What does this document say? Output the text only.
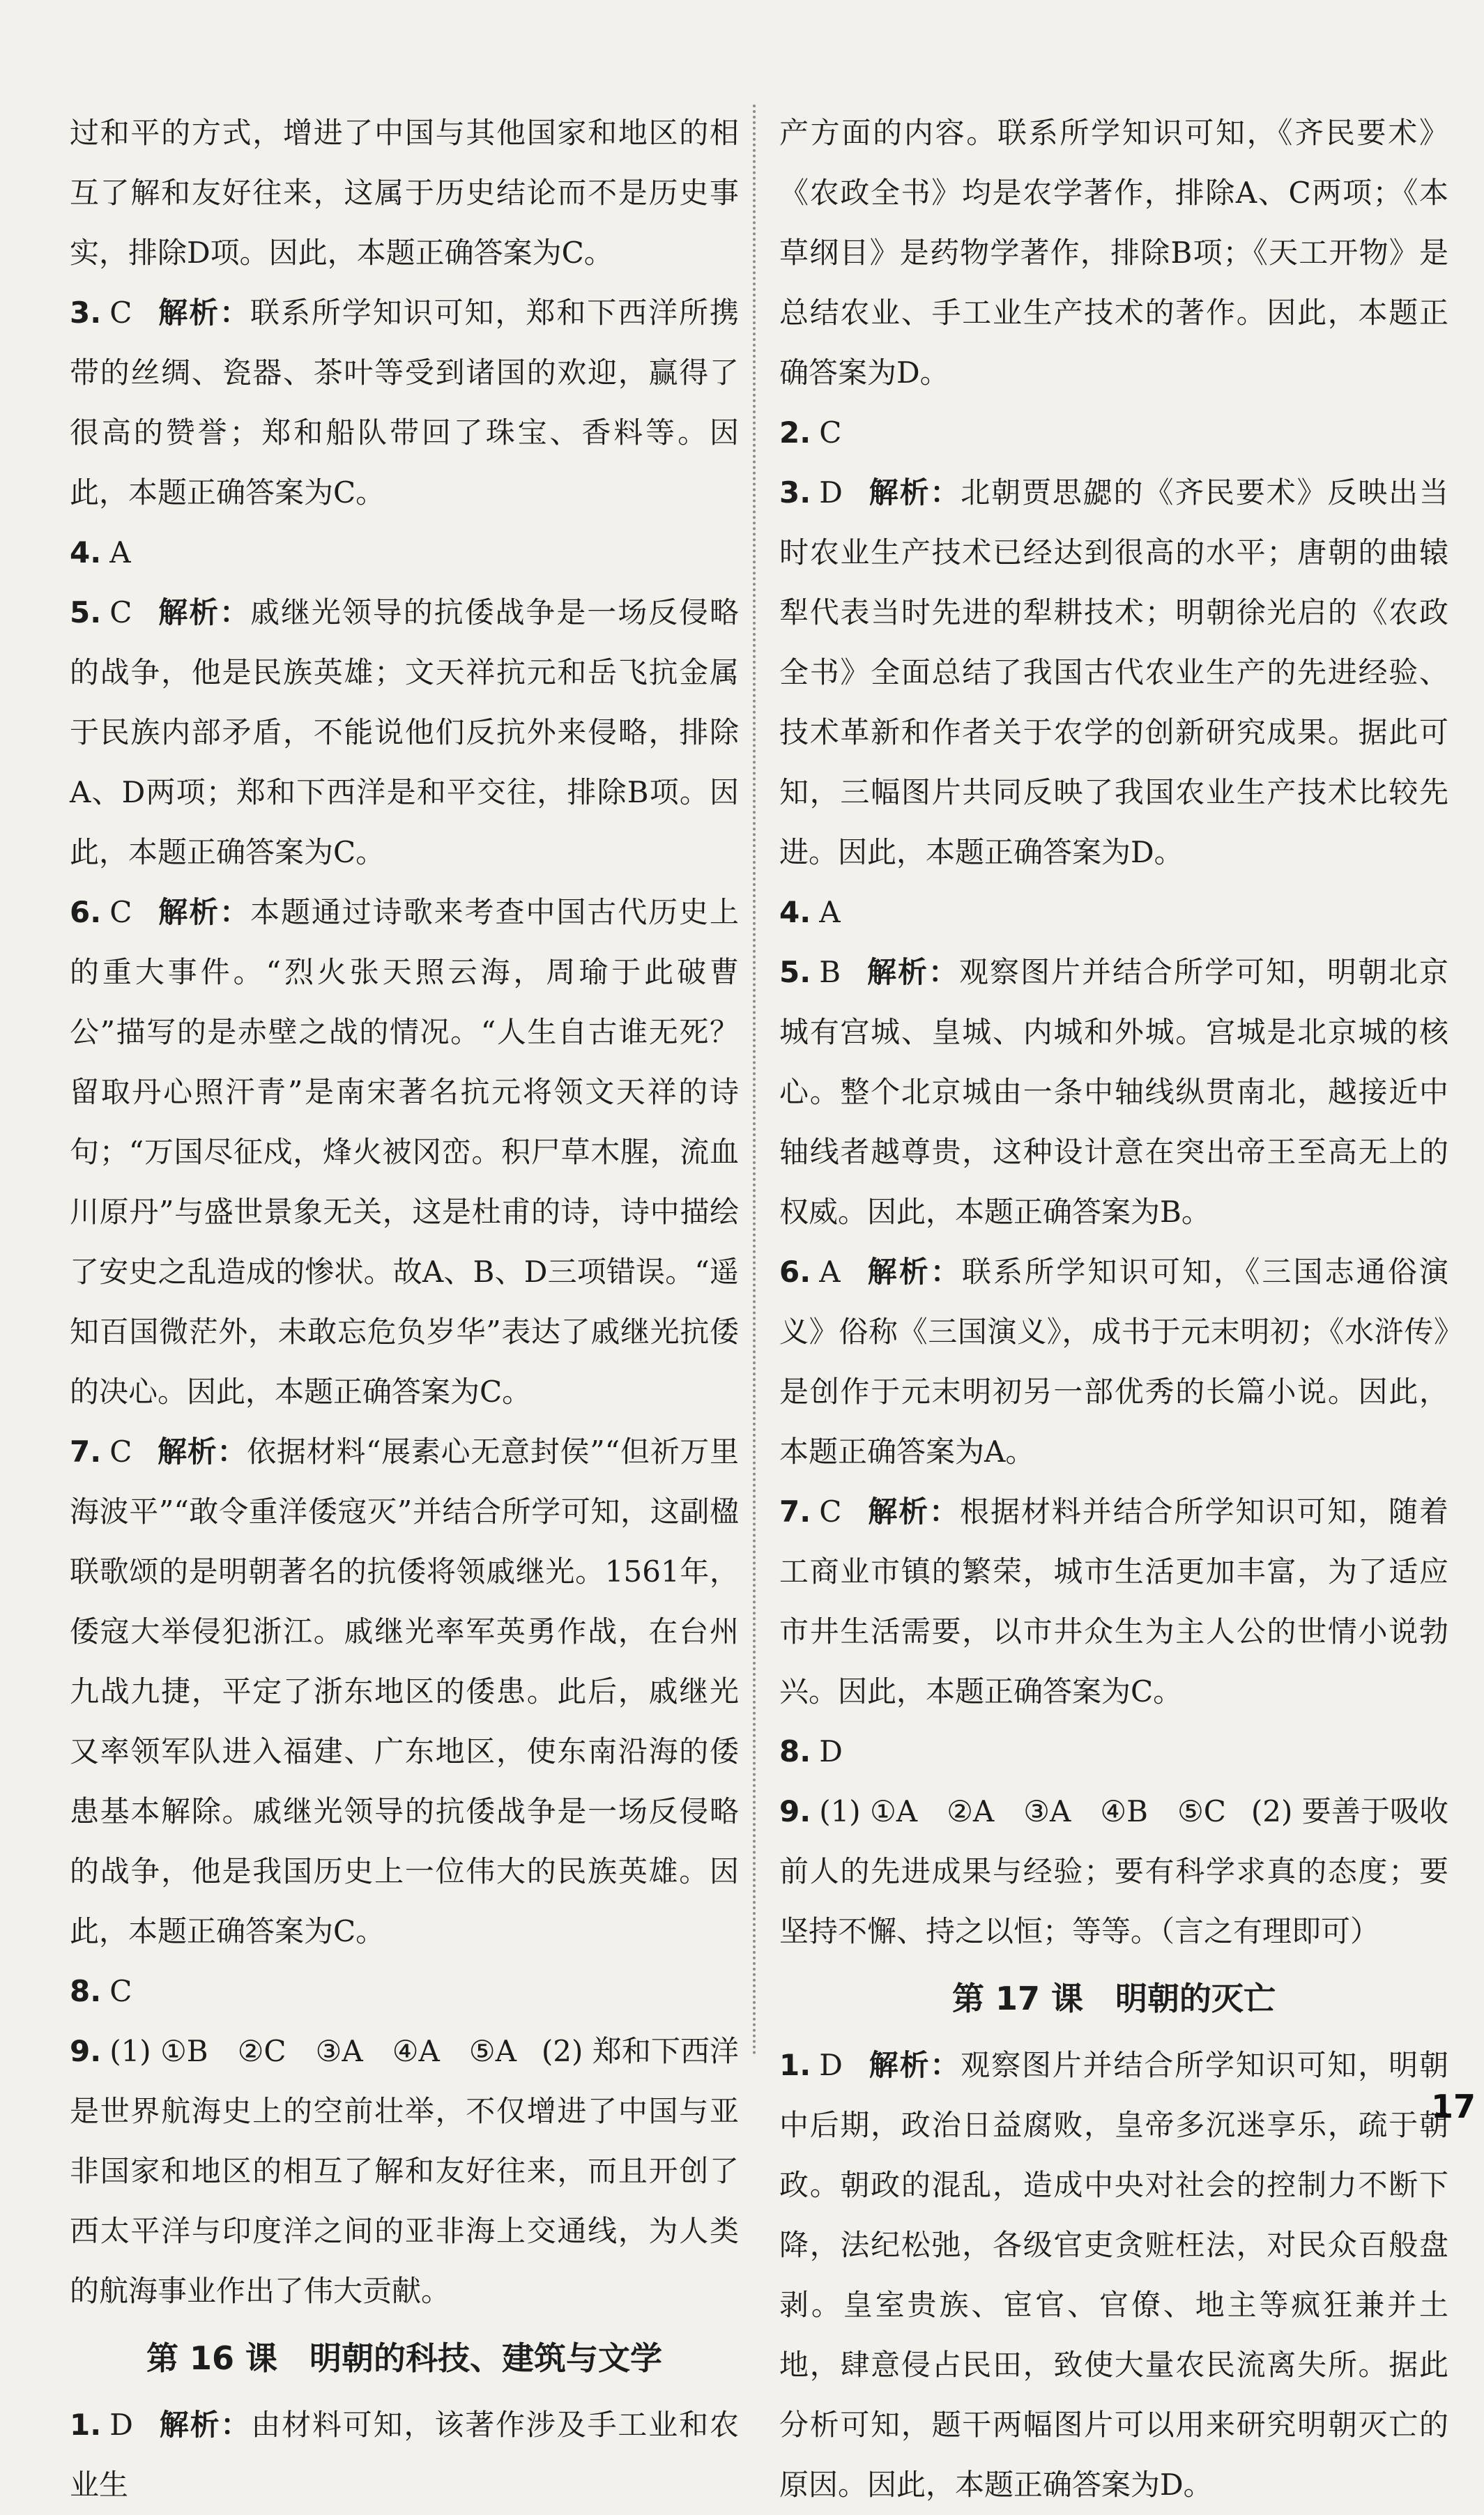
过和平的方式，增进了中国与其他国家和地区的相互了解和友好往来，这属于历史结论而不是历史事实，排除D项。因此，本题正确答案为C。

3. C 解析：联系所学知识可知，郑和下西洋所携带的丝绸、瓷器、茶叶等受到诸国的欢迎，赢得了很高的赞誉；郑和船队带回了珠宝、香料等。因此，本题正确答案为C。

4. A

5. C 解析：戚继光领导的抗倭战争是一场反侵略的战争，他是民族英雄；文天祥抗元和岳飞抗金属于民族内部矛盾，不能说他们反抗外来侵略，排除A、D两项；郑和下西洋是和平交往，排除B项。因此，本题正确答案为C。

6. C 解析：本题通过诗歌来考查中国古代历史上的重大事件。“烈火张天照云海，周瑜于此破曹公”描写的是赤壁之战的情况。“人生自古谁无死？留取丹心照汗青”是南宋著名抗元将领文天祥的诗句；“万国尽征戍，烽火被冈峦。积尸草木腥，流血川原丹”与盛世景象无关，这是杜甫的诗，诗中描绘了安史之乱造成的惨状。故A、B、D三项错误。“遥知百国微茫外，未敢忘危负岁华”表达了戚继光抗倭的决心。因此，本题正确答案为C。

7. C 解析：依据材料“展素心无意封侯”“但祈万里海波平”“敢令重洋倭寇灭”并结合所学可知，这副楹联歌颂的是明朝著名的抗倭将领戚继光。1561年，倭寇大举侵犯浙江。戚继光率军英勇作战，在台州九战九捷，平定了浙东地区的倭患。此后，戚继光又率领军队进入福建、广东地区，使东南沿海的倭患基本解除。戚继光领导的抗倭战争是一场反侵略的战争，他是我国历史上一位伟大的民族英雄。因此，本题正确答案为C。

8. C

9. (1) ①B　②C　③A　④A　⑤A (2) 郑和下西洋是世界航海史上的空前壮举，不仅增进了中国与亚非国家和地区的相互了解和友好往来，而且开创了西太平洋与印度洋之间的亚非海上交通线，为人类的航海事业作出了伟大贡献。

第 16 课　明朝的科技、建筑与文学

1. D 解析：由材料可知，该著作涉及手工业和农业生

产方面的内容。联系所学知识可知，《齐民要术》《农政全书》均是农学著作，排除A、C两项；《本草纲目》是药物学著作，排除B项；《天工开物》是总结农业、手工业生产技术的著作。因此，本题正确答案为D。

2. C

3. D 解析：北朝贾思勰的《齐民要术》反映出当时农业生产技术已经达到很高的水平；唐朝的曲辕犁代表当时先进的犁耕技术；明朝徐光启的《农政全书》全面总结了我国古代农业生产的先进经验、技术革新和作者关于农学的创新研究成果。据此可知，三幅图片共同反映了我国农业生产技术比较先进。因此，本题正确答案为D。

4. A

5. B 解析：观察图片并结合所学可知，明朝北京城有宫城、皇城、内城和外城。宫城是北京城的核心。整个北京城由一条中轴线纵贯南北，越接近中轴线者越尊贵，这种设计意在突出帝王至高无上的权威。因此，本题正确答案为B。

6. A 解析：联系所学知识可知，《三国志通俗演义》俗称《三国演义》，成书于元末明初；《水浒传》是创作于元末明初另一部优秀的长篇小说。因此，本题正确答案为A。

7. C 解析：根据材料并结合所学知识可知，随着工商业市镇的繁荣，城市生活更加丰富，为了适应市井生活需要，以市井众生为主人公的世情小说勃兴。因此，本题正确答案为C。

8. D

9. (1) ①A　②A　③A　④B　⑤C (2) 要善于吸收前人的先进成果与经验；要有科学求真的态度；要坚持不懈、持之以恒；等等。（言之有理即可）

第 17 课　明朝的灭亡

1. D 解析：观察图片并结合所学知识可知，明朝中后期，政治日益腐败，皇帝多沉迷享乐，疏于朝政。朝政的混乱，造成中央对社会的控制力不断下降，法纪松弛，各级官吏贪赃枉法，对民众百般盘剥。皇室贵族、宦官、官僚、地主等疯狂兼并土地，肆意侵占民田，致使大量农民流离失所。据此分析可知，题干两幅图片可以用来研究明朝灭亡的原因。因此，本题正确答案为D。

17
